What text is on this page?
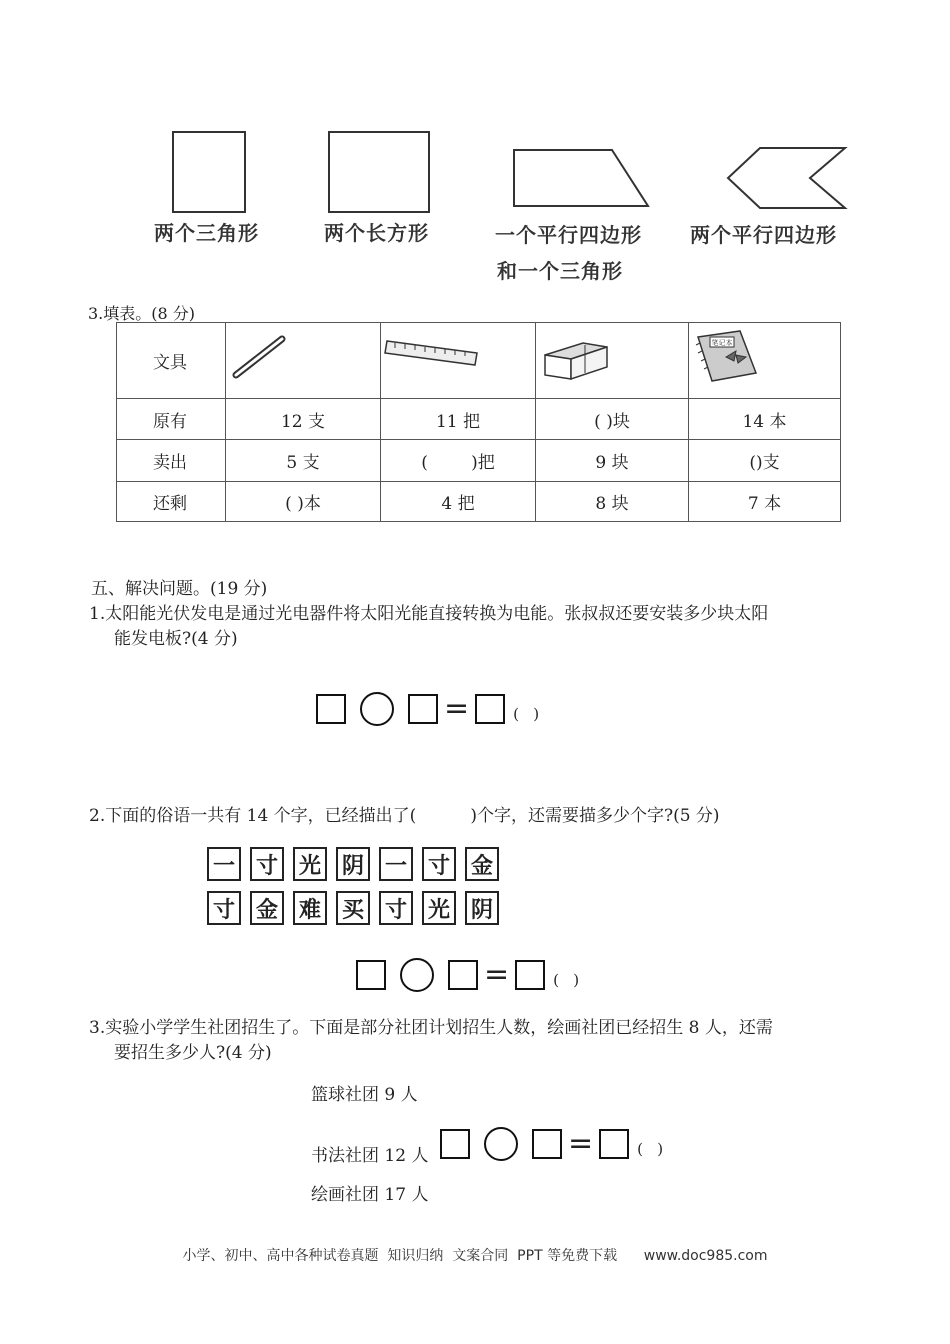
两个三角形	两个长方形	一个平行四边形
和一个三角形
两个平行四边形
3.填表。(8 分)
文具				笔记本

原有	12 支	11 把	( )块	14 本
卖出	5 支	(        )把	9 块	()支
还剩	( )本	4 把	8 块	7 本
五、解决问题。(19 分)
1.太阳能光伏发电是通过光电器件将太阳光能直接转换为电能。张叔叔还要安装多少块太阳
能发电板?(4 分)
=	(   )
2.下面的俗语一共有 14 个字，已经描出了(          )个字，还需要描多少个字?(5 分)
一 寸 光 阴 一 寸 金
寸 金 难 买 寸 光 阴
=	(   )
3.实验小学学生社团招生了。下面是部分社团计划招生人数，绘画社团已经招生 8 人，还需
要招生多少人?(4 分)
篮球社团 9 人
书法社团 12 人
绘画社团 17 人
=	(   )
小学、初中、高中各种试卷真题  知识归纳  文案合同  PPT 等免费下载      www.doc985.com
